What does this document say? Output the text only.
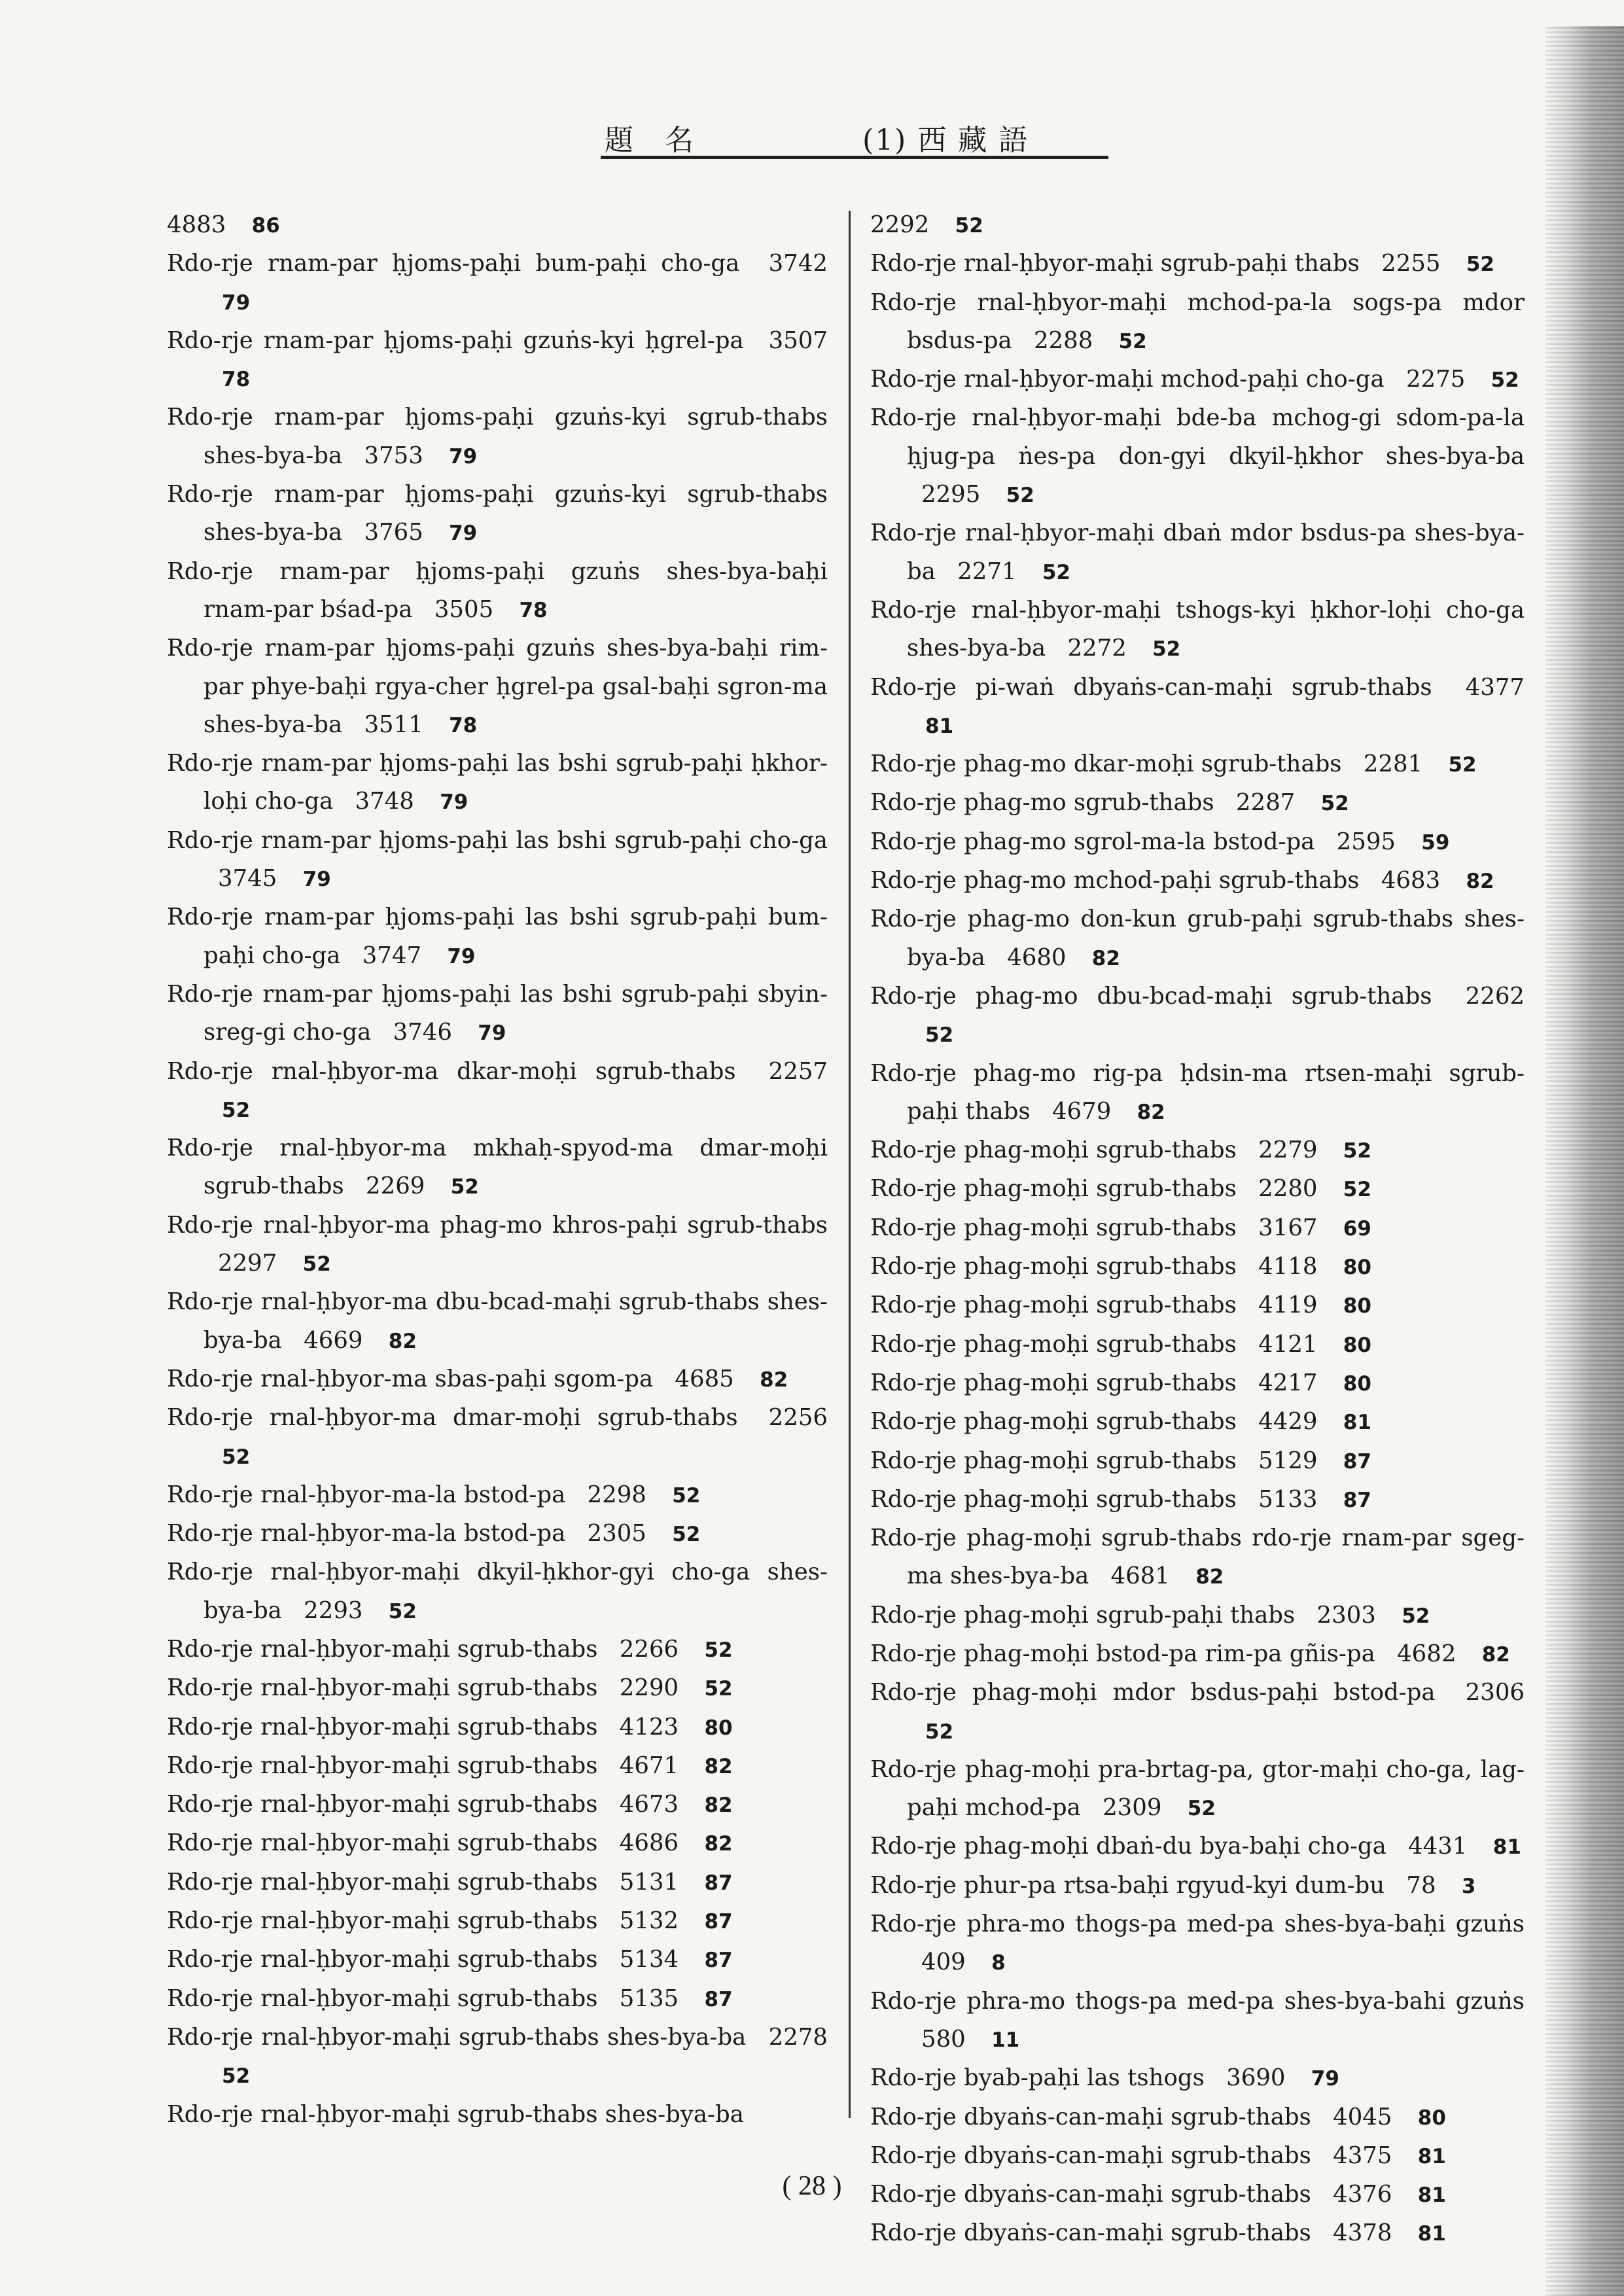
題　名	(1) 西 藏 語

4883 86

Rdo-rje rnam-par ḥjoms-paḥi bum-paḥi cho-ga 3742 79

Rdo-rje rnam-par ḥjoms-paḥi gzuṅs-kyi ḥgrel-pa 3507 78

Rdo-rje rnam-par ḥjoms-paḥi gzuṅs-kyi sgrub-thabs shes-bya-ba 3753 79

Rdo-rje rnam-par ḥjoms-paḥi gzuṅs-kyi sgrub-thabs shes-bya-ba 3765 79

Rdo-rje rnam-par ḥjoms-paḥi gzuṅs shes-bya-baḥi rnam-par bśad-pa 3505 78

Rdo-rje rnam-par ḥjoms-paḥi gzuṅs shes-bya-baḥi rim-par phye-baḥi rgya-cher ḥgrel-pa gsal-baḥi sgron-ma shes-bya-ba 3511 78

Rdo-rje rnam-par ḥjoms-paḥi las bshi sgrub-paḥi ḥkhor-loḥi cho-ga 3748 79

Rdo-rje rnam-par ḥjoms-paḥi las bshi sgrub-paḥi cho-ga 3745 79

Rdo-rje rnam-par ḥjoms-paḥi las bshi sgrub-paḥi bum-paḥi cho-ga 3747 79

Rdo-rje rnam-par ḥjoms-paḥi las bshi sgrub-paḥi sbyin-sreg-gi cho-ga 3746 79

Rdo-rje rnal-ḥbyor-ma dkar-moḥi sgrub-thabs 2257 52

Rdo-rje rnal-ḥbyor-ma mkhaḥ-spyod-ma dmar-moḥi sgrub-thabs 2269 52

Rdo-rje rnal-ḥbyor-ma phag-mo khros-paḥi sgrub-thabs 2297 52

Rdo-rje rnal-ḥbyor-ma dbu-bcad-maḥi sgrub-thabs shes-bya-ba 4669 82

Rdo-rje rnal-ḥbyor-ma sbas-paḥi sgom-pa 4685 82

Rdo-rje rnal-ḥbyor-ma dmar-moḥi sgrub-thabs 2256 52

Rdo-rje rnal-ḥbyor-ma-la bstod-pa 2298 52

Rdo-rje rnal-ḥbyor-ma-la bstod-pa 2305 52

Rdo-rje rnal-ḥbyor-maḥi dkyil-ḥkhor-gyi cho-ga shes-bya-ba 2293 52

Rdo-rje rnal-ḥbyor-maḥi sgrub-thabs 2266 52

Rdo-rje rnal-ḥbyor-maḥi sgrub-thabs 2290 52

Rdo-rje rnal-ḥbyor-maḥi sgrub-thabs 4123 80

Rdo-rje rnal-ḥbyor-maḥi sgrub-thabs 4671 82

Rdo-rje rnal-ḥbyor-maḥi sgrub-thabs 4673 82

Rdo-rje rnal-ḥbyor-maḥi sgrub-thabs 4686 82

Rdo-rje rnal-ḥbyor-maḥi sgrub-thabs 5131 87

Rdo-rje rnal-ḥbyor-maḥi sgrub-thabs 5132 87

Rdo-rje rnal-ḥbyor-maḥi sgrub-thabs 5134 87

Rdo-rje rnal-ḥbyor-maḥi sgrub-thabs 5135 87

Rdo-rje rnal-ḥbyor-maḥi sgrub-thabs shes-bya-ba 2278 52

Rdo-rje rnal-ḥbyor-maḥi sgrub-thabs shes-bya-ba

2292 52

Rdo-rje rnal-ḥbyor-maḥi sgrub-paḥi thabs 2255 52

Rdo-rje rnal-ḥbyor-maḥi mchod-pa-la sogs-pa mdor bsdus-pa 2288 52

Rdo-rje rnal-ḥbyor-maḥi mchod-paḥi cho-ga 2275 52

Rdo-rje rnal-ḥbyor-maḥi bde-ba mchog-gi sdom-pa-la ḥjug-pa ṅes-pa don-gyi dkyil-ḥkhor shes-bya-ba 2295 52

Rdo-rje rnal-ḥbyor-maḥi dbaṅ mdor bsdus-pa shes-bya-ba 2271 52

Rdo-rje rnal-ḥbyor-maḥi tshogs-kyi ḥkhor-loḥi cho-ga shes-bya-ba 2272 52

Rdo-rje pi-waṅ dbyaṅs-can-maḥi sgrub-thabs 4377 81

Rdo-rje phag-mo dkar-moḥi sgrub-thabs 2281 52

Rdo-rje phag-mo sgrub-thabs 2287 52

Rdo-rje phag-mo sgrol-ma-la bstod-pa 2595 59

Rdo-rje phag-mo mchod-paḥi sgrub-thabs 4683 82

Rdo-rje phag-mo don-kun grub-paḥi sgrub-thabs shes-bya-ba 4680 82

Rdo-rje phag-mo dbu-bcad-maḥi sgrub-thabs 2262 52

Rdo-rje phag-mo rig-pa ḥdsin-ma rtsen-maḥi sgrub-paḥi thabs 4679 82

Rdo-rje phag-moḥi sgrub-thabs 2279 52

Rdo-rje phag-moḥi sgrub-thabs 2280 52

Rdo-rje phag-moḥi sgrub-thabs 3167 69

Rdo-rje phag-moḥi sgrub-thabs 4118 80

Rdo-rje phag-moḥi sgrub-thabs 4119 80

Rdo-rje phag-moḥi sgrub-thabs 4121 80

Rdo-rje phag-moḥi sgrub-thabs 4217 80

Rdo-rje phag-moḥi sgrub-thabs 4429 81

Rdo-rje phag-moḥi sgrub-thabs 5129 87

Rdo-rje phag-moḥi sgrub-thabs 5133 87

Rdo-rje phag-moḥi sgrub-thabs rdo-rje rnam-par sgeg-ma shes-bya-ba 4681 82

Rdo-rje phag-moḥi sgrub-paḥi thabs 2303 52

Rdo-rje phag-moḥi bstod-pa rim-pa gñis-pa 4682 82

Rdo-rje phag-moḥi mdor bsdus-paḥi bstod-pa 2306 52

Rdo-rje phag-moḥi pra-brtag-pa, gtor-maḥi cho-ga, lag-paḥi mchod-pa 2309 52

Rdo-rje phag-moḥi dbaṅ-du bya-baḥi cho-ga 4431 81

Rdo-rje phur-pa rtsa-baḥi rgyud-kyi dum-bu 78 3

Rdo-rje phra-mo thogs-pa med-pa shes-bya-baḥi gzuṅs 409 8

Rdo-rje phra-mo thogs-pa med-pa shes-bya-bahi gzuṅs 580 11

Rdo-rje byab-paḥi las tshogs 3690 79

Rdo-rje dbyaṅs-can-maḥi sgrub-thabs 4045 80

Rdo-rje dbyaṅs-can-maḥi sgrub-thabs 4375 81

Rdo-rje dbyaṅs-can-maḥi sgrub-thabs 4376 81

Rdo-rje dbyaṅs-can-maḥi sgrub-thabs 4378 81

( 28 )
